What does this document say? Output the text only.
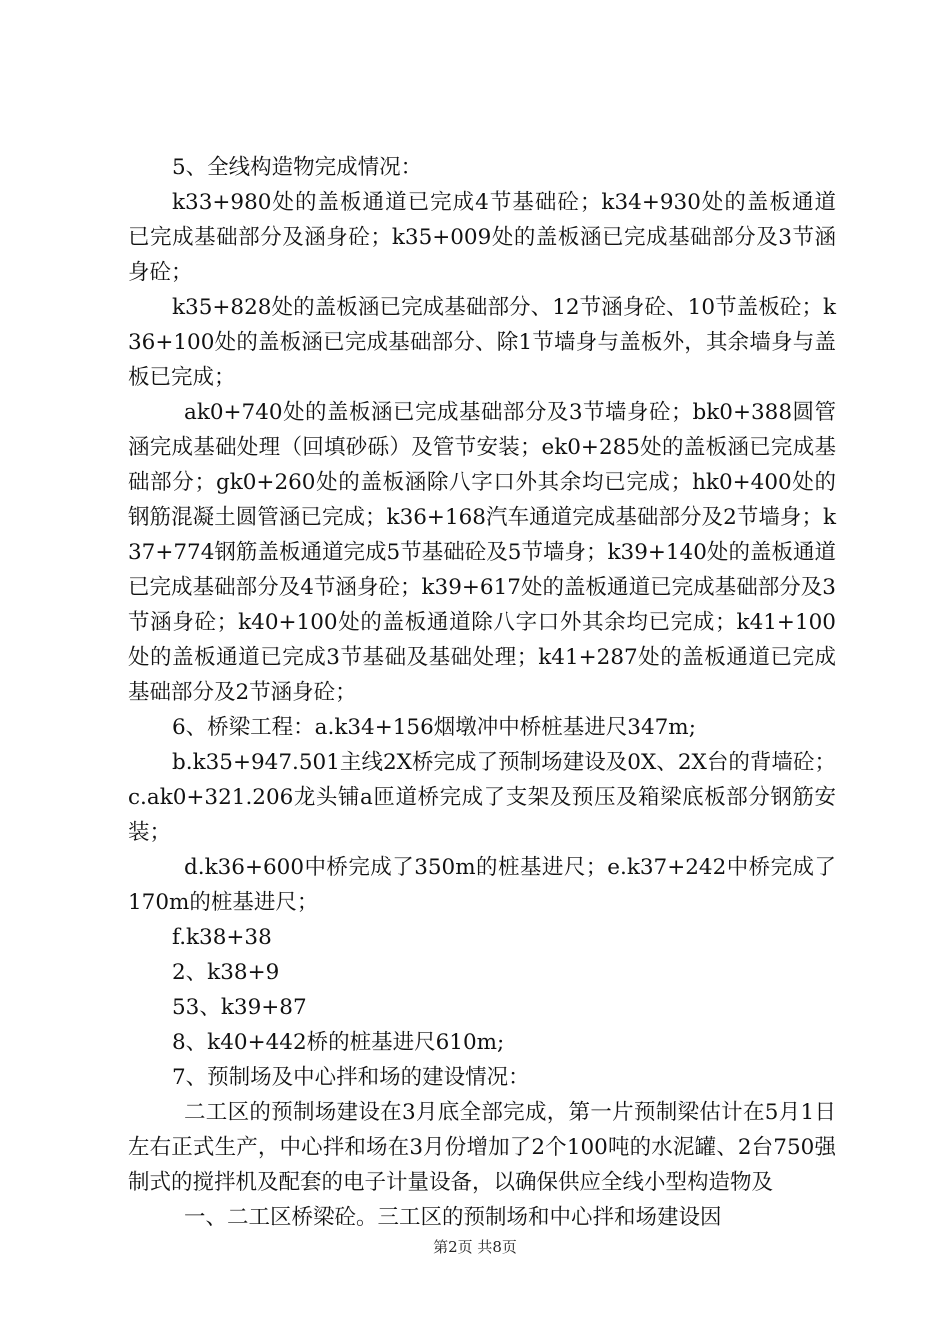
5、全线构造物完成情况：

k33+980处的盖板通道已完成4节基础砼；k34+930处的盖板通道已完成基础部分及涵身砼；k35+009处的盖板涵已完成基础部分及3节涵身砼；

k35+828处的盖板涵已完成基础部分、12节涵身砼、10节盖板砼；k36+100处的盖板涵已完成基础部分、除1节墙身与盖板外，其余墙身与盖板已完成；

ak0+740处的盖板涵已完成基础部分及3节墙身砼；bk0+388圆管涵完成基础处理（回填砂砾）及管节安装；ek0+285处的盖板涵已完成基础部分；gk0+260处的盖板涵除八字口外其余均已完成；hk0+400处的钢筋混凝土圆管涵已完成；k36+168汽车通道完成基础部分及2节墙身；k37+774钢筋盖板通道完成5节基础砼及5节墙身；k39+140处的盖板通道已完成基础部分及4节涵身砼；k39+617处的盖板通道已完成基础部分及3节涵身砼；k40+100处的盖板通道除八字口外其余均已完成；k41+100处的盖板通道已完成3节基础及基础处理；k41+287处的盖板通道已完成基础部分及2节涵身砼；

6、桥梁工程：a.k34+156烟墩冲中桥桩基进尺347m;

b.k35+947.501主线2X桥完成了预制场建设及0X、2X台的背墙砼；c.ak0+321.206龙头铺a匝道桥完成了支架及预压及箱梁底板部分钢筋安装；

d.k36+600中桥完成了350m的桩基进尺；e.k37+242中桥完成了170m的桩基进尺；

f.k38+38

2、k38+9

53、k39+87

8、k40+442桥的桩基进尺610m;

7、预制场及中心拌和场的建设情况：

二工区的预制场建设在3月底全部完成，第一片预制梁估计在5月1日左右正式生产，中心拌和场在3月份增加了2个100吨的水泥罐、2台750强制式的搅拌机及配套的电子计量设备，以确保供应全线小型构造物及

一、二工区桥梁砼。三工区的预制场和中心拌和场建设因

第2页 共8页
